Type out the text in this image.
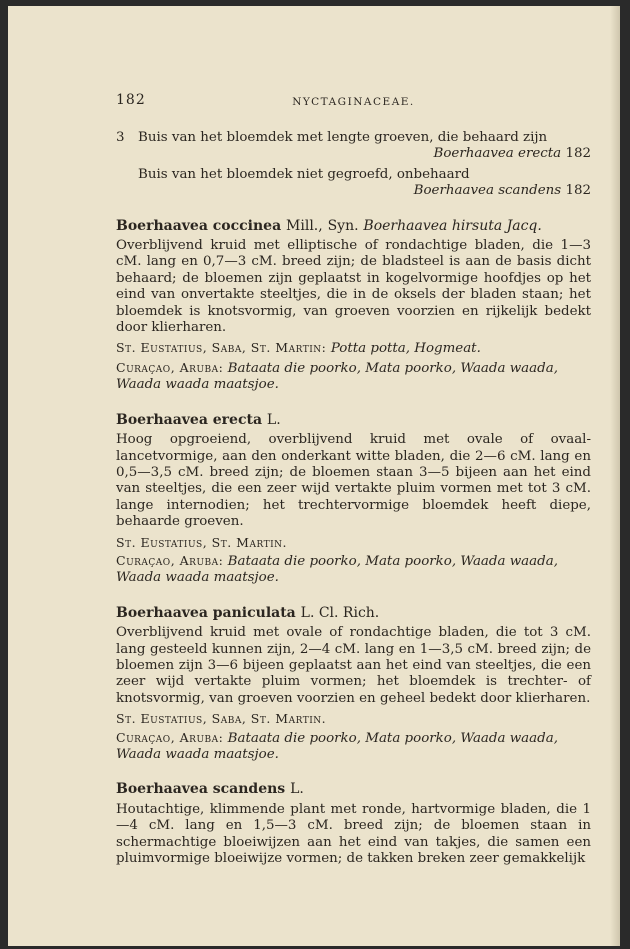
182	NYCTAGINACEAE.
3	Buis van het bloemdek met lengte groeven, die behaard zijn
Boerhaavea erecta 182
Buis van het bloemdek niet gegroefd, onbehaard
Boerhaavea scandens 182
Boerhaavea coccinea Mill., Syn. Boerhaavea hirsuta Jacq.
Overblijvend kruid met elliptische of rondachtige bladen, die 1—3 cM. lang en 0,7—3 cM. breed zijn; de bladsteel is aan de basis dicht behaard; de bloemen zijn geplaatst in kogelvormige hoofdjes op het eind van onvertakte steeltjes, die in de oksels der bladen staan; het bloemdek is knotsvormig, van groeven voorzien en rijkelijk bedekt door klierharen.
St. Eustatius, Saba, St. Martin: Potta potta, Hogmeat.
Curaçao, Aruba: Bataata die poorko, Mata poorko, Waada waada, Waada waada maatsjoe.
Boerhaavea erecta L.
Hoog opgroeiend, overblijvend kruid met ovale of ovaal-lancetvormige, aan den onderkant witte bladen, die 2—6 cM. lang en 0,5—3,5 cM. breed zijn; de bloemen staan 3—5 bijeen aan het eind van steeltjes, die een zeer wijd vertakte pluim vormen met tot 3 cM. lange internodien; het trechtervormige bloemdek heeft diepe, behaarde groeven.
St. Eustatius, St. Martin.
Curaçao, Aruba: Bataata die poorko, Mata poorko, Waada waada, Waada waada maatsjoe.
Boerhaavea paniculata L. Cl. Rich.
Overblijvend kruid met ovale of rondachtige bladen, die tot 3 cM. lang gesteeld kunnen zijn, 2—4 cM. lang en 1—3,5 cM. breed zijn; de bloemen zijn 3—6 bijeen geplaatst aan het eind van steeltjes, die een zeer wijd vertakte pluim vormen; het bloemdek is trechter- of knotsvormig, van groeven voorzien en geheel bedekt door klierharen.
St. Eustatius, Saba, St. Martin.
Curaçao, Aruba: Bataata die poorko, Mata poorko, Waada waada, Waada waada maatsjoe.
Boerhaavea scandens L.
Houtachtige, klimmende plant met ronde, hartvormige bladen, die 1—4 cM. lang en 1,5—3 cM. breed zijn; de bloemen staan in schermachtige bloeiwijzen aan het eind van takjes, die samen een pluimvormige bloeiwijze vormen; de takken breken zeer gemakkelijk
